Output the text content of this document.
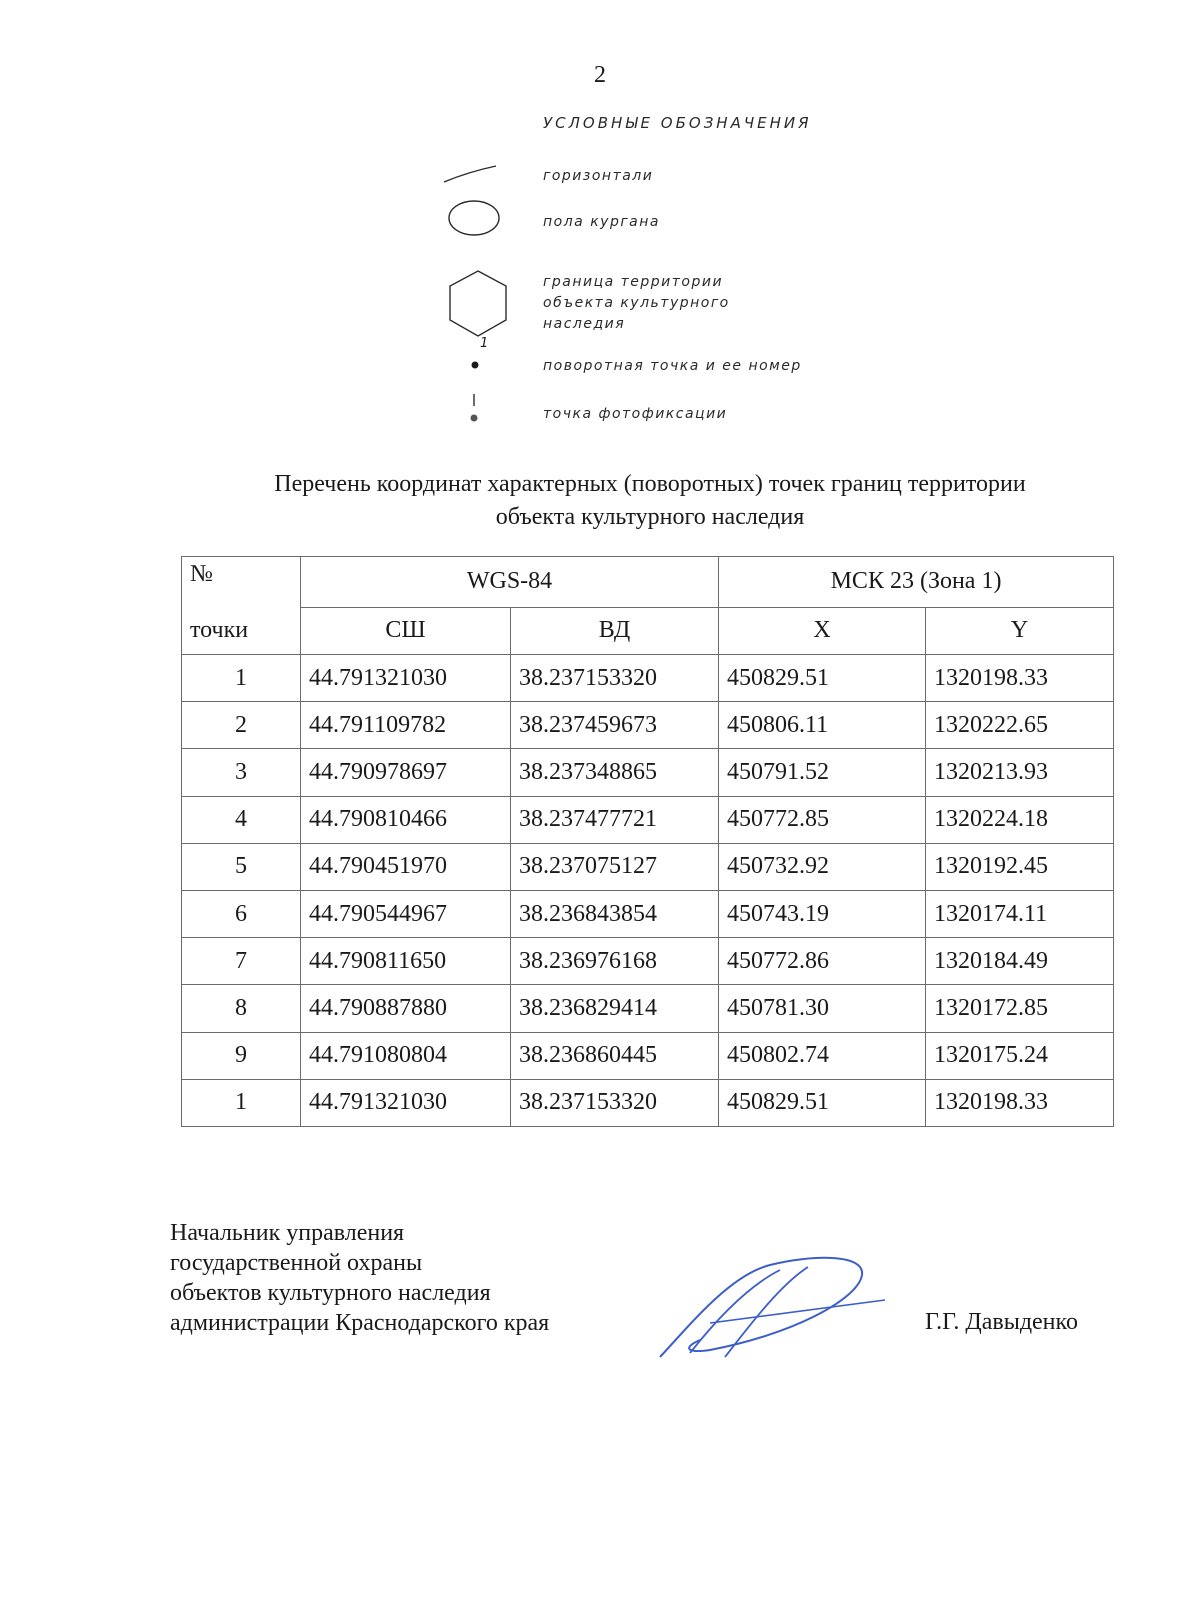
2
УСЛОВНЫЕ ОБОЗНАЧЕНИЯ
горизонтали
пола кургана
граница территории
объекта культурного
наследия
1
поворотная точка и ее номер
точка фотофиксации
Перечень координат характерных (поворотных) точек границ территории
объекта культурного наследия
№	WGS-84		МСК 23 (Зона 1)	
точки	СШ	ВД	X	Y
1	44.791321030	38.237153320	450829.51	1320198.33
2	44.791109782	38.237459673	450806.11	1320222.65
3	44.790978697	38.237348865	450791.52	1320213.93
4	44.790810466	38.237477721	450772.85	1320224.18
5	44.790451970	38.237075127	450732.92	1320192.45
6	44.790544967	38.236843854	450743.19	1320174.11
7	44.790811650	38.236976168	450772.86	1320184.49
8	44.790887880	38.236829414	450781.30	1320172.85
9	44.791080804	38.236860445	450802.74	1320175.24
1	44.791321030	38.237153320	450829.51	1320198.33
Начальник управления
государственной охраны
объектов культурного наследия
администрации Краснодарского края	Г.Г. Давыденко
